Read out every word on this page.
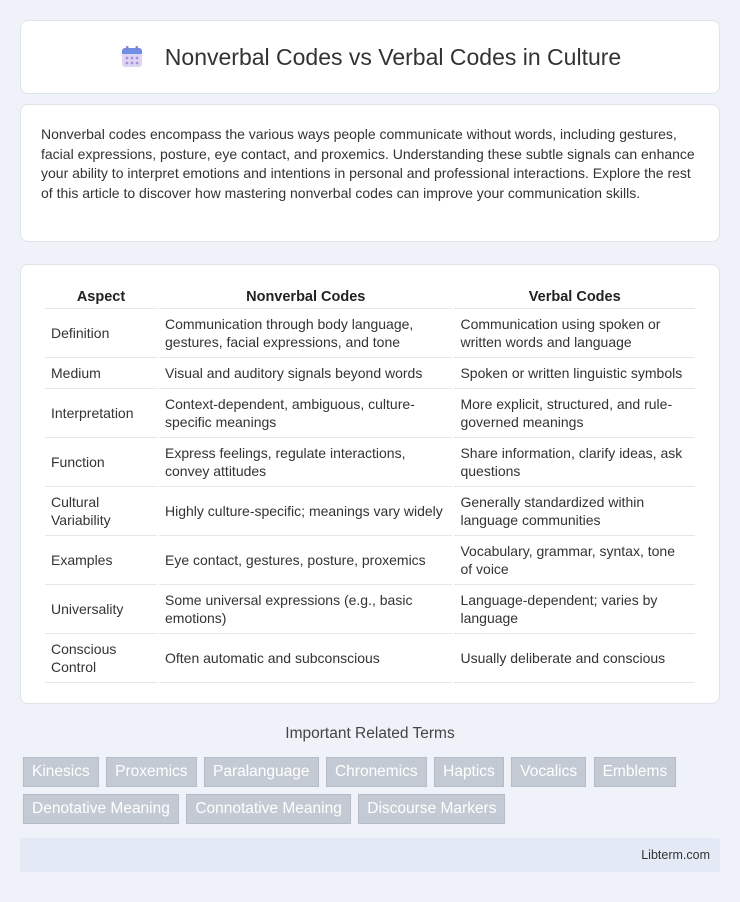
Nonverbal Codes vs Verbal Codes in Culture

Nonverbal codes encompass the various ways people communicate without words, including gestures, facial expressions, posture, eye contact, and proxemics. Understanding these subtle signals can enhance your ability to interpret emotions and intentions in personal and professional interactions. Explore the rest of this article to discover how mastering nonverbal codes can improve your communication skills.

Aspect	Nonverbal Codes	Verbal Codes
Definition	Communication through body language, gestures, facial expressions, and tone	Communication using spoken or written words and language
Medium	Visual and auditory signals beyond words	Spoken or written linguistic symbols
Interpretation	Context-dependent, ambiguous, culture-specific meanings	More explicit, structured, and rule-governed meanings
Function	Express feelings, regulate interactions, convey attitudes	Share information, clarify ideas, ask questions
Cultural Variability	Highly culture-specific; meanings vary widely	Generally standardized within language communities
Examples	Eye contact, gestures, posture, proxemics	Vocabulary, grammar, syntax, tone of voice
Universality	Some universal expressions (e.g., basic emotions)	Language-dependent; varies by language
Conscious Control	Often automatic and subconscious	Usually deliberate and conscious
Important Related Terms
Kinesics Proxemics Paralanguage Chronemics Haptics Vocalics Emblems Denotative Meaning Connotative Meaning Discourse Markers
Libterm.com
